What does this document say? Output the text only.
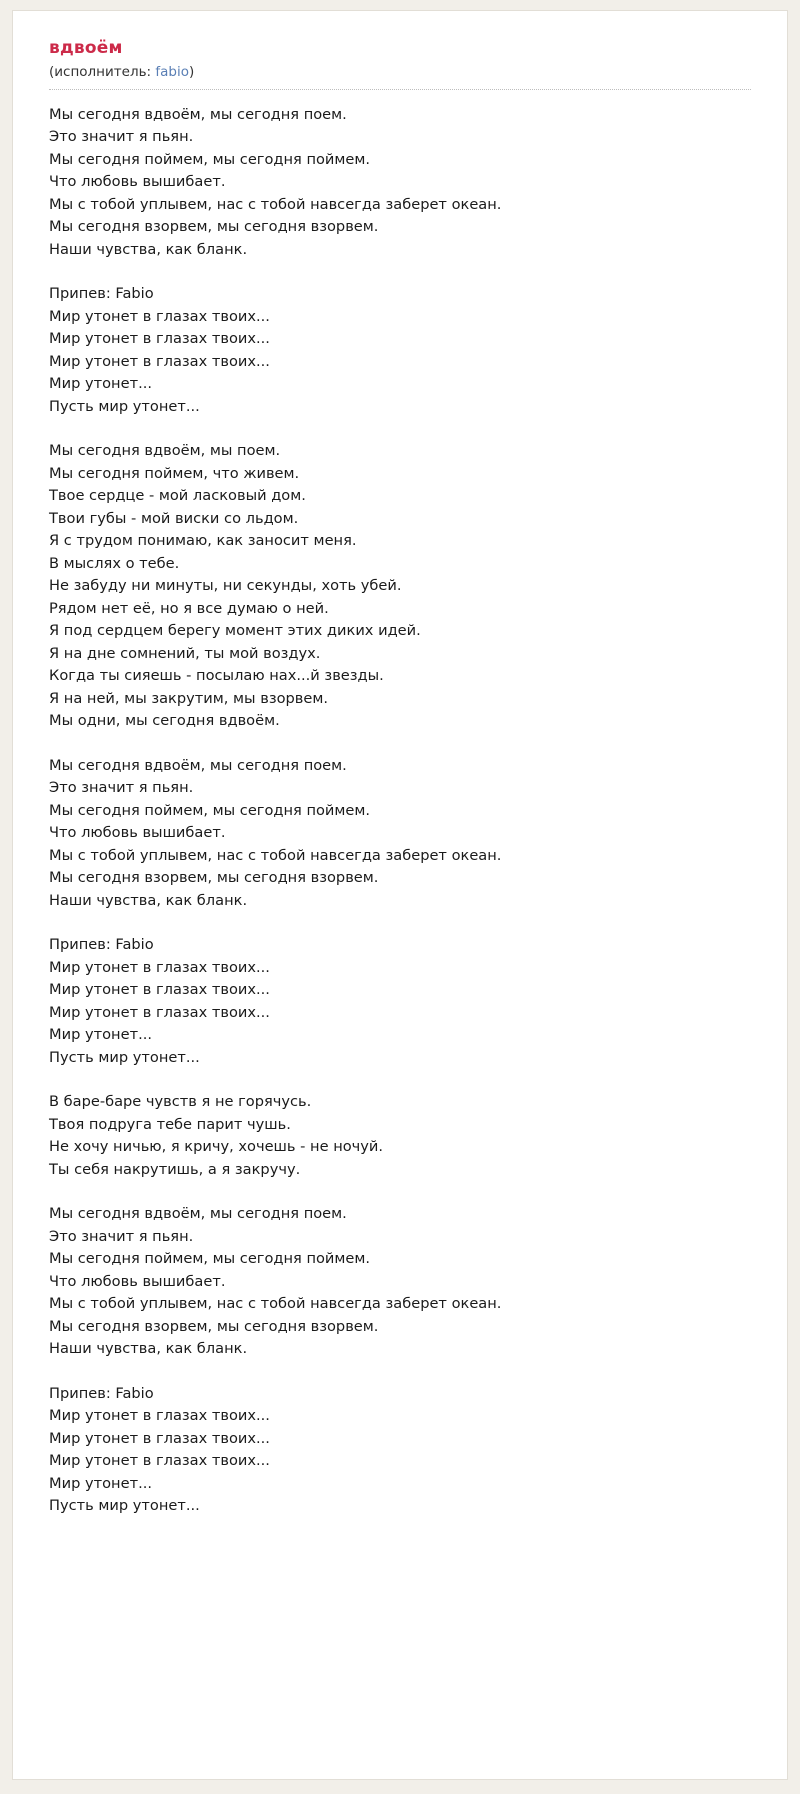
вдвоём
(исполнитель: fabio)

Мы сегодня вдвоём, мы сегодня поем.
Это значит я пьян.
Мы сегодня поймем, мы сегодня поймем.
Что любовь вышибает.
Мы с тобой уплывем, нас с тобой навсегда заберет океан.
Мы сегодня взорвем, мы сегодня взорвем.
Наши чувства, как бланк.

Припев: Fabio
Мир утонет в глазах твоих...
Мир утонет в глазах твоих...
Мир утонет в глазах твоих...
Мир утонет...
Пусть мир утонет...

Мы сегодня вдвоём, мы поем.
Мы сегодня поймем, что живем.
Твое сердце - мой ласковый дом.
Твои губы - мой виски со льдом.
Я с трудом понимаю, как заносит меня.
В мыслях о тебе.
Не забуду ни минуты, ни секунды, хоть убей.
Рядом нет её, но я все думаю о ней.
Я под сердцем берегу момент этих диких идей.
Я на дне сомнений, ты мой воздух.
Когда ты сияешь - посылаю нах...й звезды.
Я на ней, мы закрутим, мы взорвем.
Мы одни, мы сегодня вдвоём.

Мы сегодня вдвоём, мы сегодня поем.
Это значит я пьян.
Мы сегодня поймем, мы сегодня поймем.
Что любовь вышибает.
Мы с тобой уплывем, нас с тобой навсегда заберет океан.
Мы сегодня взорвем, мы сегодня взорвем.
Наши чувства, как бланк.

Припев: Fabio
Мир утонет в глазах твоих...
Мир утонет в глазах твоих...
Мир утонет в глазах твоих...
Мир утонет...
Пусть мир утонет...

В баре-баре чувств я не горячусь.
Твоя подруга тебе парит чушь.
Не хочу ничью, я кричу, хочешь - не ночуй.
Ты себя накрутишь, а я закручу.

Мы сегодня вдвоём, мы сегодня поем.
Это значит я пьян.
Мы сегодня поймем, мы сегодня поймем.
Что любовь вышибает.
Мы с тобой уплывем, нас с тобой навсегда заберет океан.
Мы сегодня взорвем, мы сегодня взорвем.
Наши чувства, как бланк.

Припев: Fabio
Мир утонет в глазах твоих...
Мир утонет в глазах твоих...
Мир утонет в глазах твоих...
Мир утонет...
Пусть мир утонет...
